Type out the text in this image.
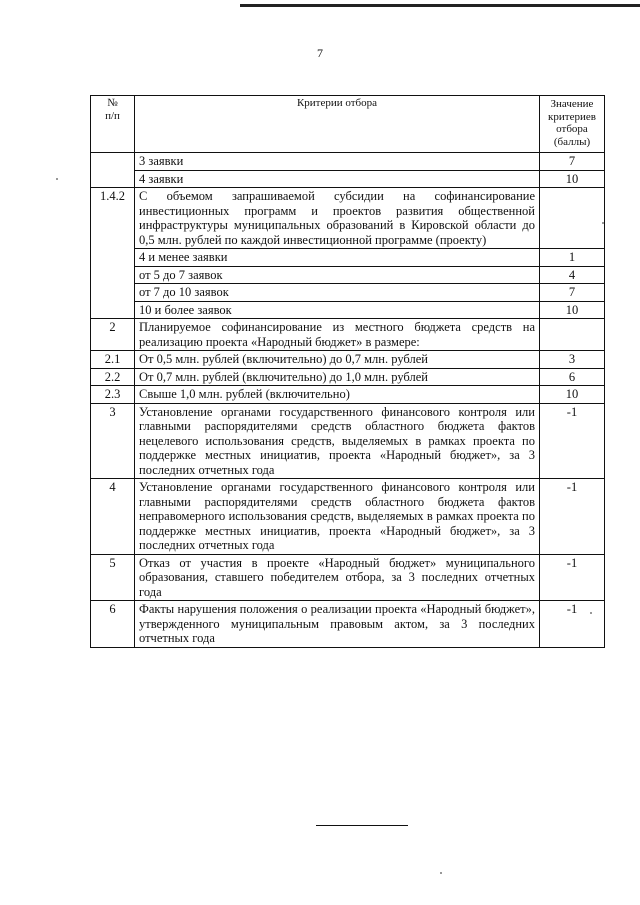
7
№
п/п	Критерии отбора	Значение критериев отбора (баллы)
	3 заявки	7
	4 заявки	10
1.4.2	С объемом запрашиваемой субсидии на софинансирование инвестиционных программ и проектов развития общественной инфраструктуры муниципальных образований в Кировской области до 0,5 млн. рублей по каждой инвестиционной программе (проекту)	
	4 и менее заявки	1
	от 5 до 7 заявок	4
	от 7 до 10 заявок	7
	10 и более заявок	10
2	Планируемое софинансирование из местного бюджета средств на реализацию проекта «Народный бюджет» в размере:	
2.1	От 0,5 млн. рублей (включительно) до 0,7 млн. рублей	3
2.2	От 0,7 млн. рублей (включительно) до 1,0 млн. рублей	6
2.3	Свыше 1,0 млн. рублей (включительно)	10
3	Установление органами государственного финансового контроля или главными распорядителями средств областного бюджета фактов нецелевого использования средств, выделяемых в рамках проекта по поддержке местных инициатив, проекта «Народный бюджет», за 3 последних отчетных года	-1
4	Установление органами государственного финансового контроля или главными распорядителями средств областного бюджета фактов неправомерного использования средств, выделяемых в рамках проекта по поддержке местных инициатив, проекта «Народный бюджет», за 3 последних отчетных года	-1
5	Отказ от участия в проекте «Народный бюджет» муниципального образования, ставшего победителем отбора, за 3 последних отчетных года	-1
6	Факты нарушения положения о реализации проекта «Народный бюджет», утвержденного муниципальным правовым актом, за 3 последних отчетных года	-1
